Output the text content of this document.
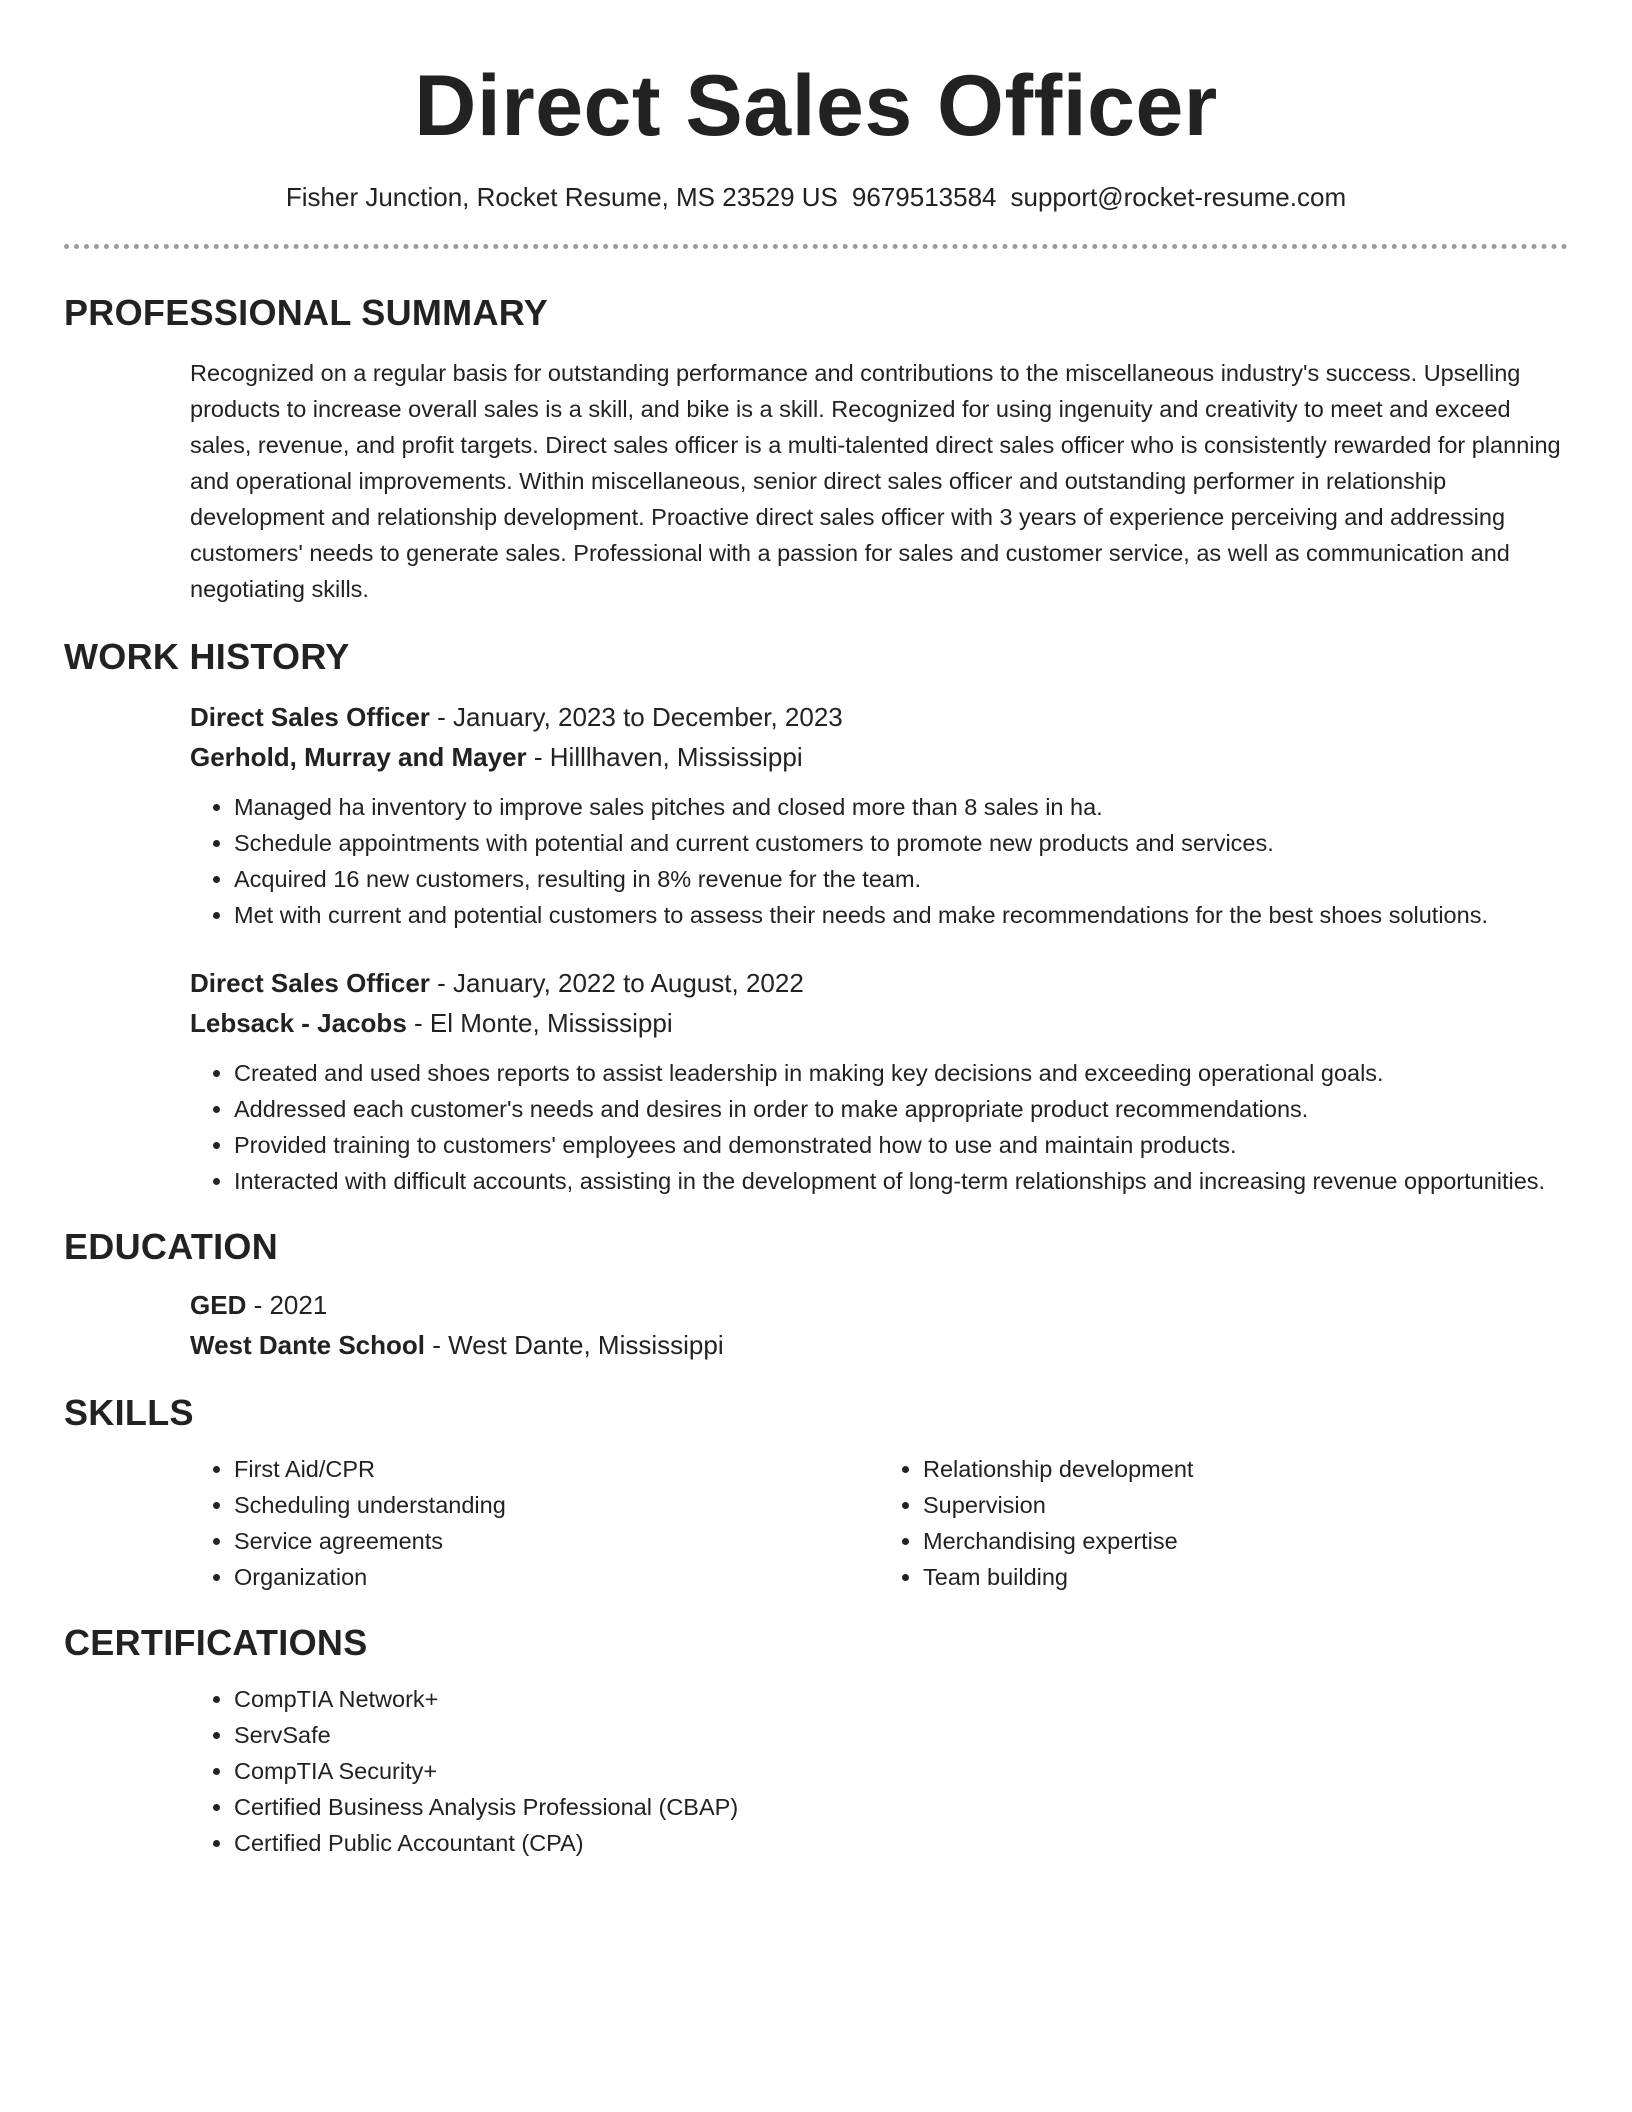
Direct Sales Officer
Fisher Junction, Rocket Resume, MS 23529 US 9679513584 support@rocket-resume.com
PROFESSIONAL SUMMARY

Recognized on a regular basis for outstanding performance and contributions to the miscellaneous industry's success. Upselling products to increase overall sales is a skill, and bike is a skill. Recognized for using ingenuity and creativity to meet and exceed sales, revenue, and profit targets. Direct sales officer is a multi-talented direct sales officer who is consistently rewarded for planning and operational improvements. Within miscellaneous, senior direct sales officer and outstanding performer in relationship development and relationship development. Proactive direct sales officer with 3 years of experience perceiving and addressing customers' needs to generate sales. Professional with a passion for sales and customer service, as well as communication and negotiating skills.

WORK HISTORY

Direct Sales Officer - January, 2023 to December, 2023

Gerhold, Murray and Mayer - Hilllhaven, Mississippi

• Managed ha inventory to improve sales pitches and closed more than 8 sales in ha.
• Schedule appointments with potential and current customers to promote new products and services.
• Acquired 16 new customers, resulting in 8% revenue for the team.
• Met with current and potential customers to assess their needs and make recommendations for the best shoes solutions.

Direct Sales Officer - January, 2022 to August, 2022

Lebsack - Jacobs - El Monte, Mississippi

• Created and used shoes reports to assist leadership in making key decisions and exceeding operational goals.
• Addressed each customer's needs and desires in order to make appropriate product recommendations.
• Provided training to customers' employees and demonstrated how to use and maintain products.
• Interacted with difficult accounts, assisting in the development of long-term relationships and increasing revenue opportunities.
EDUCATION

GED - 2021

West Dante School - West Dante, Mississippi

SKILLS
• First Aid/CPR
• Scheduling understanding
• Service agreements
• Organization
• Relationship development
• Supervision
• Merchandising expertise
• Team building
CERTIFICATIONS
• CompTIA Network+
• ServSafe
• CompTIA Security+
• Certified Business Analysis Professional (CBAP)
• Certified Public Accountant (CPA)
